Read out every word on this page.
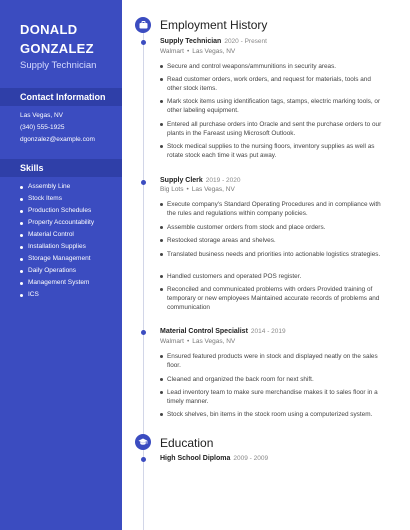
DONALD
GONZALEZ
Supply Technician
Contact Information
Las Vegas, NV
(340) 555-1925
dgonzalez@example.com
Skills
Assembly Line
Stock Items
Production Schedules
Property Accountability
Material Control
Installation Supplies
Storage Management
Daily Operations
Management System
ICS
Employment History
Supply Technician 2020 - Present
Walmart • Las Vegas, NV
Secure and control weapons/ammunitions in security areas.
Read customer orders, work orders, and request for materials, tools and other stock items.
Mark stock items using identification tags, stamps, electric marking tools, or other labeling equipment.
Entered all purchase orders into Oracle and sent the purchase orders to our plants in the Fareast using Microsoft Outlook.
Stock medical supplies to the nursing floors, inventory supplies as well as rotate stock each time it was put away.
Supply Clerk 2019 - 2020
Big Lots • Las Vegas, NV
Execute company's Standard Operating Procedures and in compliance with the rules and regulations within company policies.
Assemble customer orders from stock and place orders.
Restocked storage areas and shelves.
Translated business needs and priorities into actionable logistics strategies.
Handled customers and operated POS register.
Reconciled and communicated problems with orders Provided training of temporary or new employees Maintained accurate records of problems and communication
Material Control Specialist 2014 - 2019
Walmart • Las Vegas, NV
Ensured featured products were in stock and displayed neatly on the sales floor.
Cleaned and organized the back room for next shift.
Lead inventory team to make sure merchandise makes it to sales floor in a timely manner.
Stock shelves, bin items in the stock room using a computerized system.
Education
High School Diploma 2009 - 2009
